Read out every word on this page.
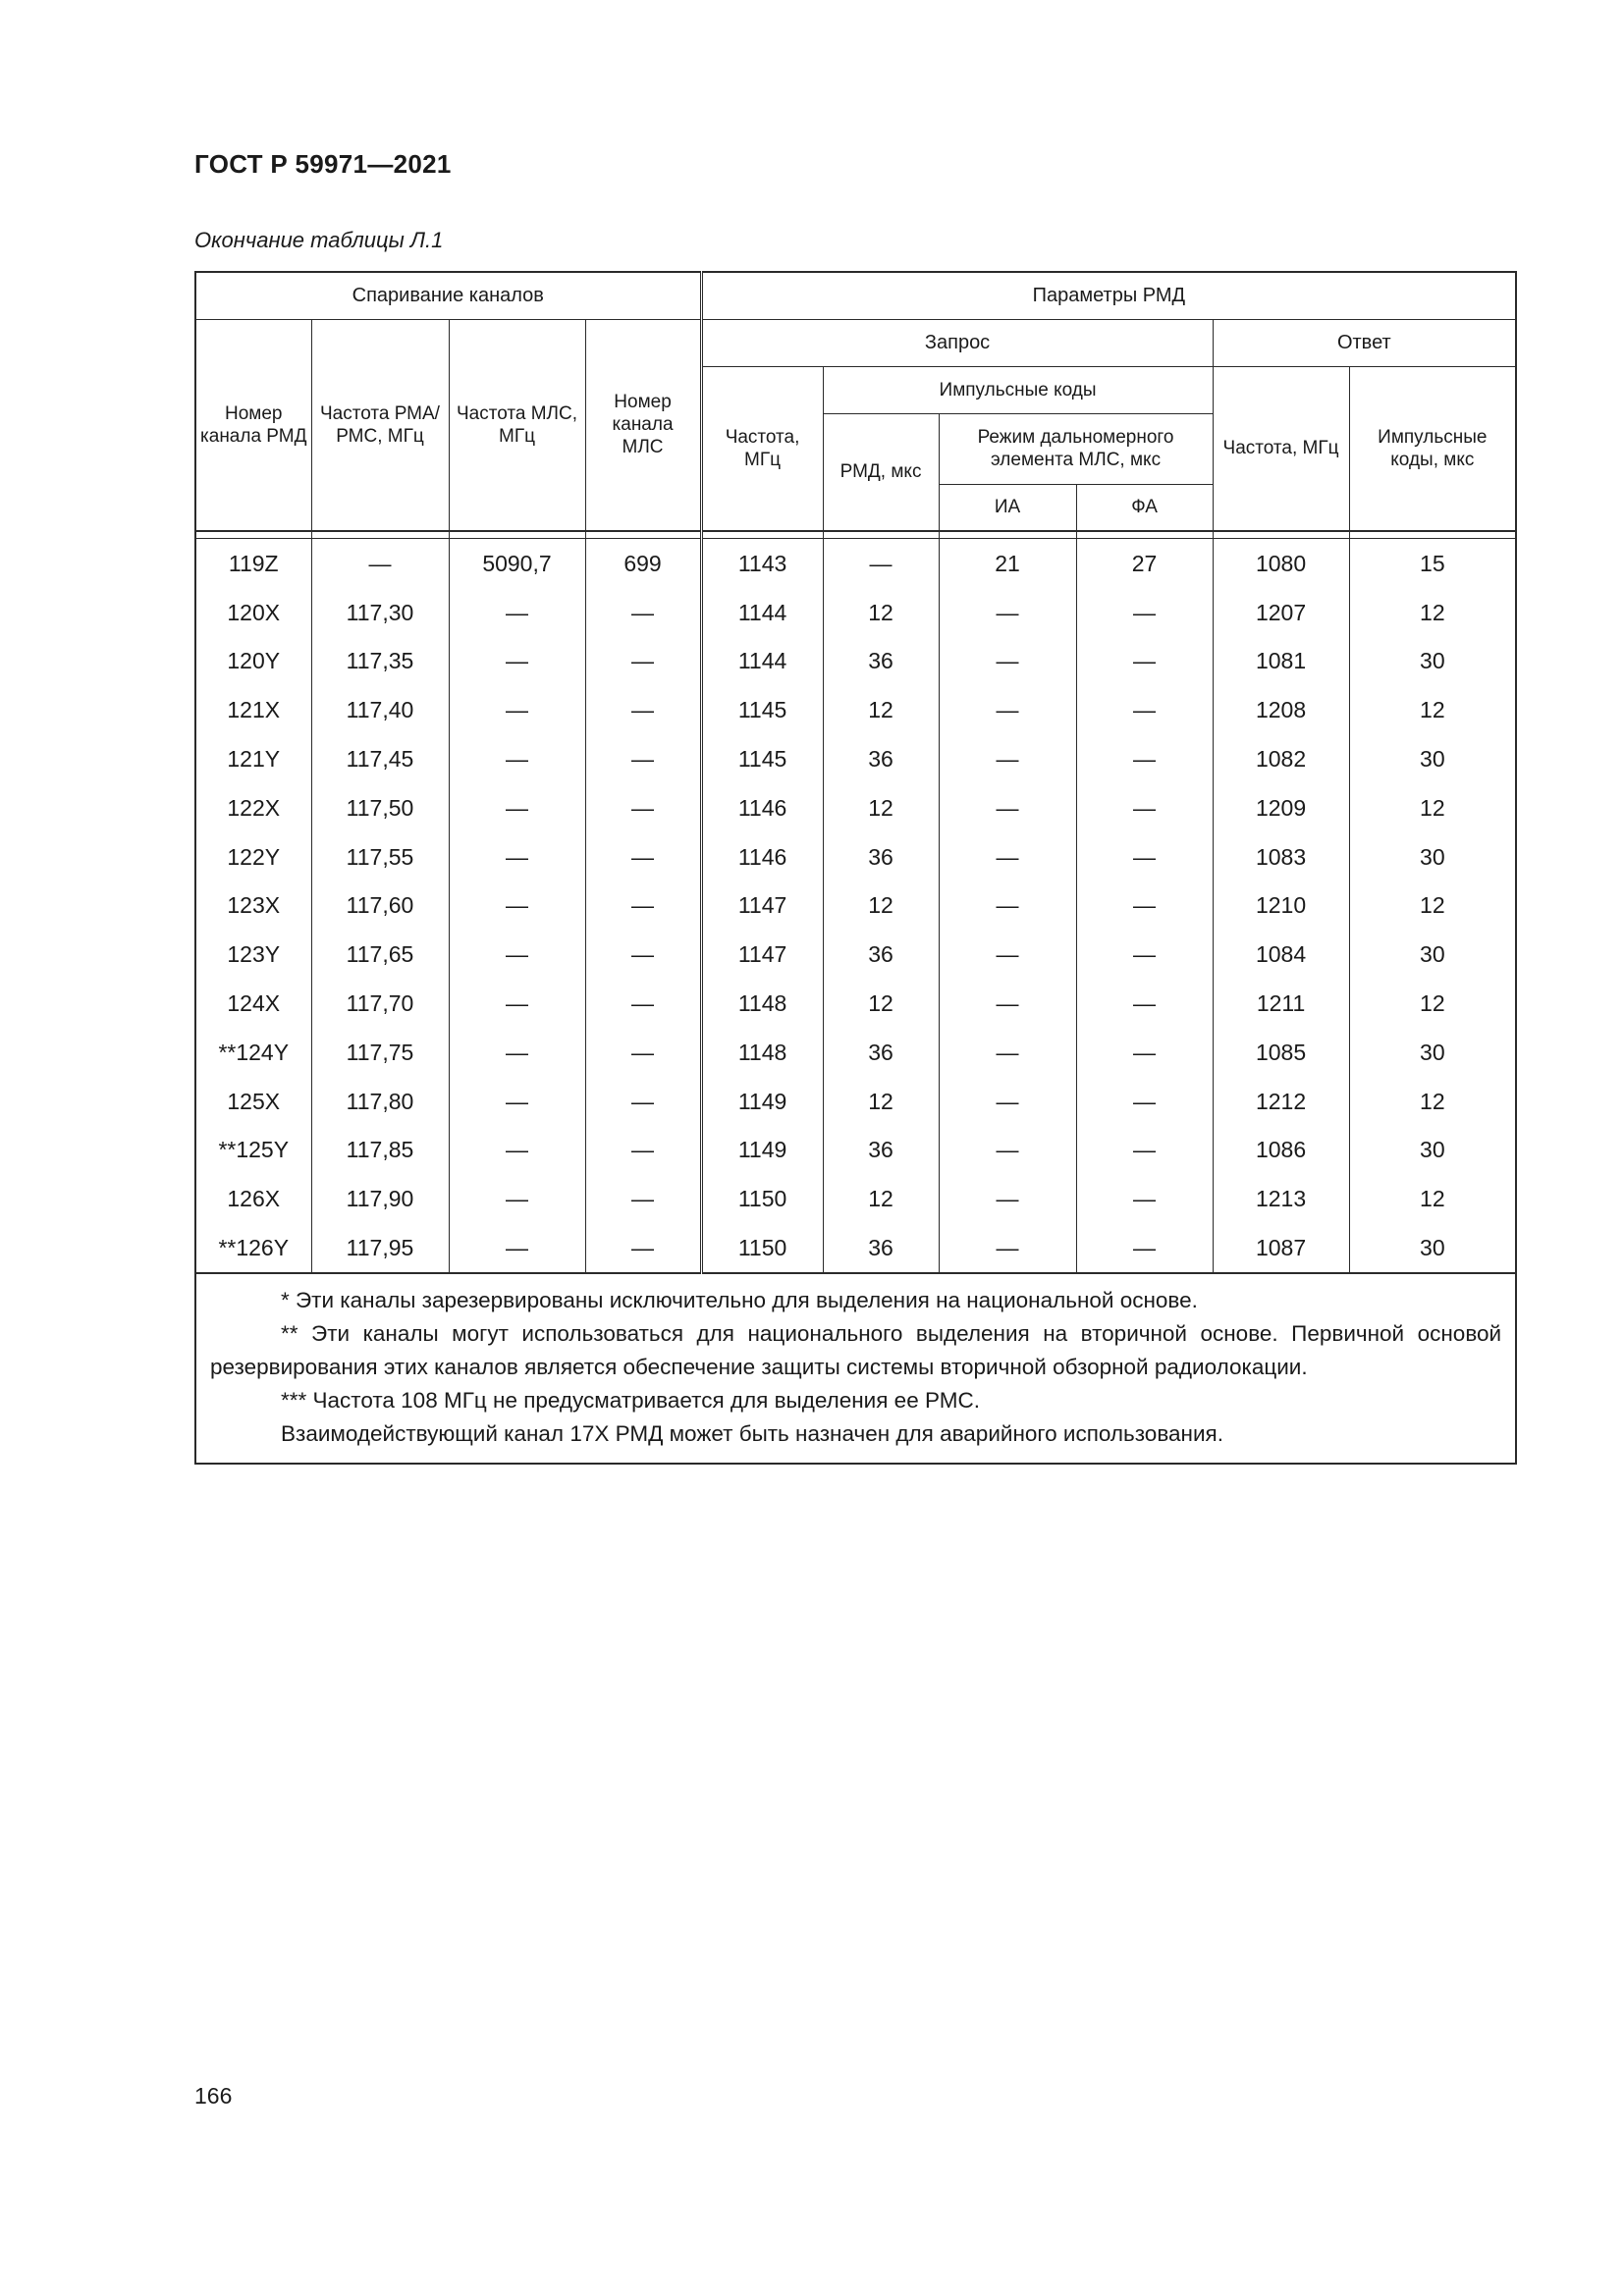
ГОСТ Р 59971—2021
Окончание таблицы Л.1
Спаривание каналов				Параметры РМД					
Номер канала РМД	Частота РМА/ РМС, МГц	Частота МЛС, МГц	Номер канала МЛС	Запрос				Ответ	
				Частота, МГц	Импульсные коды			Частота, МГц	Импульсные коды, мкс
					РМД, мкс	Режим дальномерного элемента МЛС, мкс			
						ИА	ФА		

119Z	—	5090,7	699	1143	—	21	27	1080	15
120X	117,30	—	—	1144	12	—	—	1207	12
120Y	117,35	—	—	1144	36	—	—	1081	30
121X	117,40	—	—	1145	12	—	—	1208	12
121Y	117,45	—	—	1145	36	—	—	1082	30
122X	117,50	—	—	1146	12	—	—	1209	12
122Y	117,55	—	—	1146	36	—	—	1083	30
123X	117,60	—	—	1147	12	—	—	1210	12
123Y	117,65	—	—	1147	36	—	—	1084	30
124X	117,70	—	—	1148	12	—	—	1211	12
**124Y	117,75	—	—	1148	36	—	—	1085	30
125X	117,80	—	—	1149	12	—	—	1212	12
**125Y	117,85	—	—	1149	36	—	—	1086	30
126X	117,90	—	—	1150	12	—	—	1213	12
**126Y	117,95	—	—	1150	36	—	—	1087	30

* Эти каналы зарезервированы исключительно для выделения на национальной основе.

** Эти каналы могут использоваться для национального выделения на вторичной основе. Первичной основой резервирования этих каналов является обеспечение защиты системы вторичной обзорной радиолокации.

*** Частота 108 МГц не предусматривается для выделения ее РМС.

Взаимодействующий канал 17X РМД может быть назначен для аварийного использования.									

166
